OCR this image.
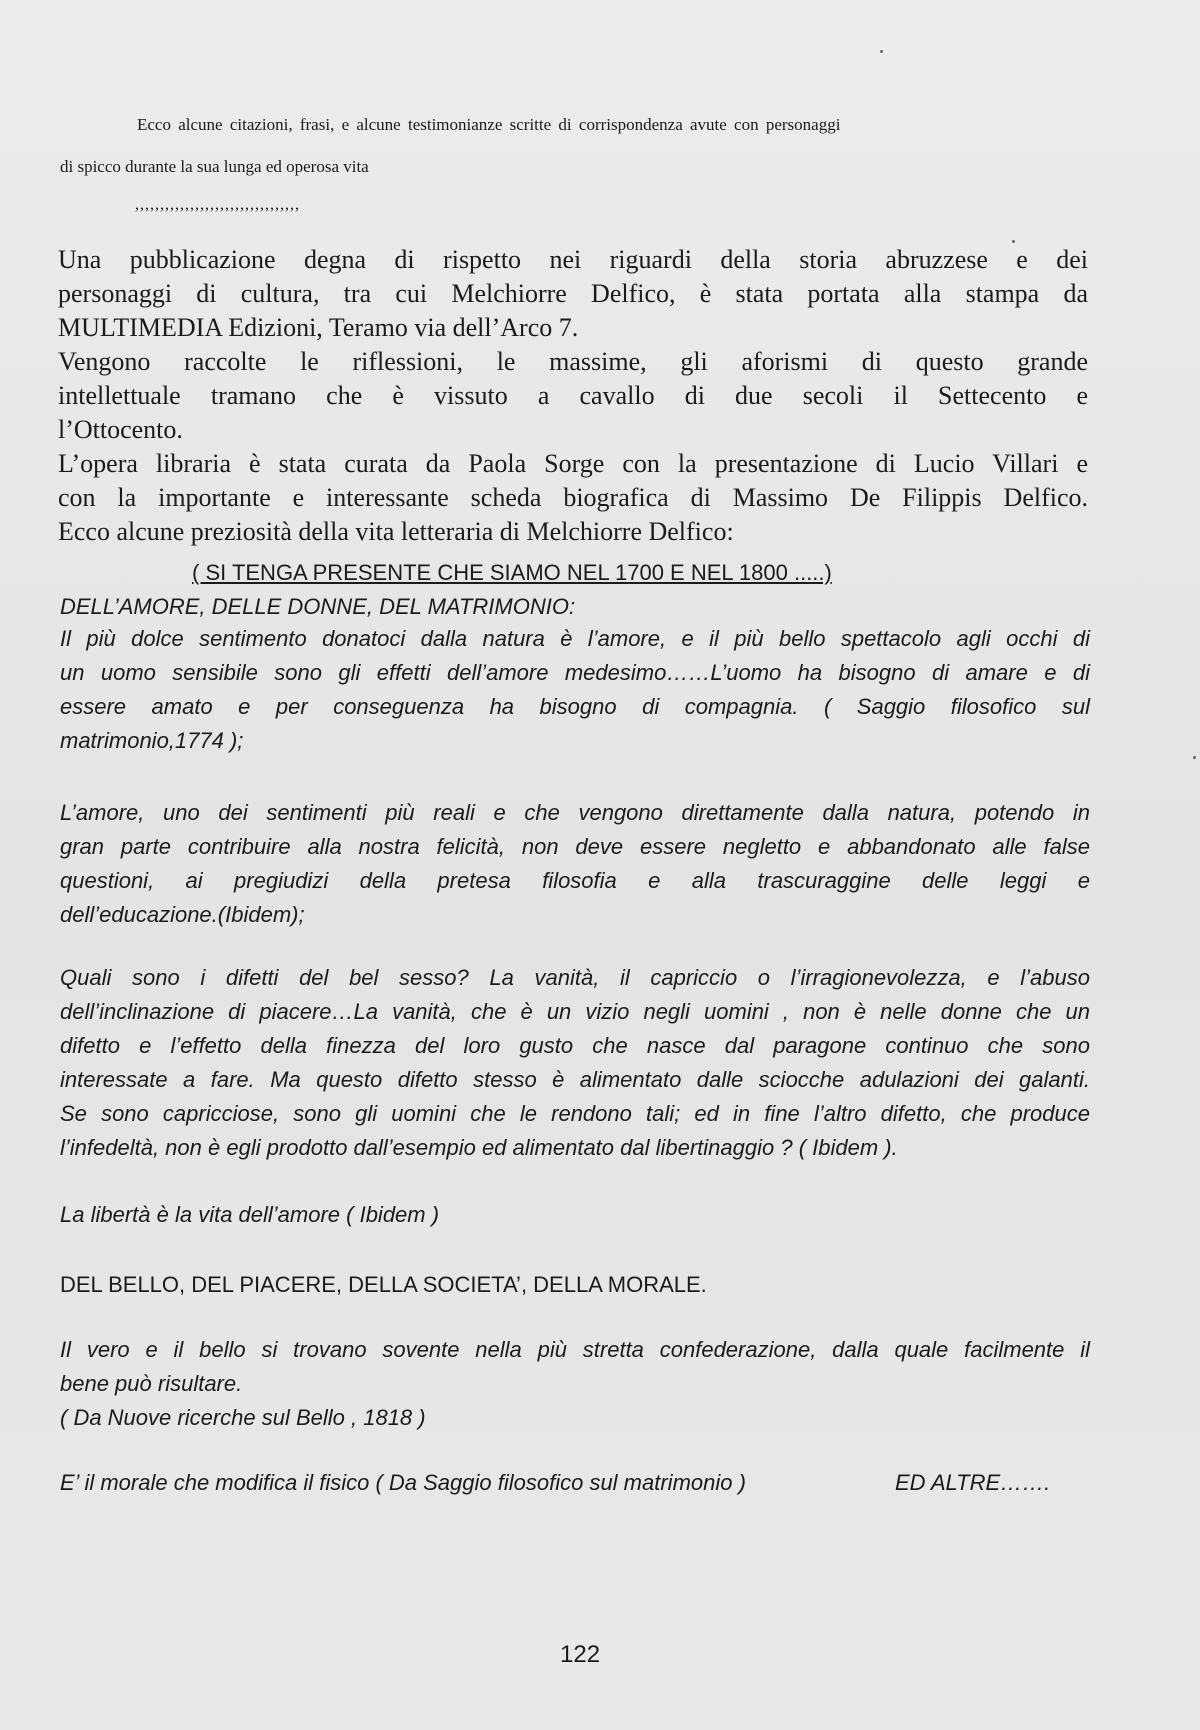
Ecco alcune citazioni, frasi, e alcune testimonianze scritte di corrispondenza avute con personaggi
di spicco durante la sua lunga ed operosa vita
,,,,,,,,,,,,,,,,,,,,,,,,,,,,,,,,,

Una pubblicazione degna di rispetto nei riguardi della storia abruzzese e dei

personaggi di cultura, tra cui Melchiorre Delfico, è stata portata alla stampa da

MULTIMEDIA Edizioni, Teramo via dell’Arco 7.

Vengono raccolte le riflessioni, le massime, gli aforismi di questo grande

intellettuale tramano che è vissuto a cavallo di due secoli il Settecento e

l’Ottocento.

L’opera libraria è stata curata da Paola Sorge con la presentazione di Lucio Villari e

con la importante e interessante scheda biografica di Massimo De Filippis Delfico.

Ecco alcune preziosità della vita letteraria di Melchiorre Delfico:

( SI TENGA PRESENTE CHE SIAMO NEL 1700 E NEL 1800 .....)
DELL’AMORE, DELLE DONNE, DEL MATRIMONIO:

Il più dolce sentimento donatoci dalla natura è l’amore, e il più bello spettacolo agli occhi di

un uomo sensibile sono gli effetti dell’amore medesimo……L’uomo ha bisogno di amare e di

essere amato e per conseguenza ha bisogno di compagnia. ( Saggio filosofico sul

matrimonio,1774 );

L’amore, uno dei sentimenti più reali e che vengono direttamente dalla natura, potendo in

gran parte contribuire alla nostra felicità, non deve essere negletto e abbandonato alle false

questioni, ai pregiudizi della pretesa filosofia e alla trascuraggine delle leggi e

dell’educazione.(Ibidem);

Quali sono i difetti del bel sesso? La vanità, il capriccio o l’irragionevolezza, e l’abuso

dell’inclinazione di piacere…La vanità, che è un vizio negli uomini , non è nelle donne che un

difetto e l’effetto della finezza del loro gusto che nasce dal paragone continuo che sono

interessate a fare. Ma questo difetto stesso è alimentato dalle sciocche adulazioni dei galanti.

Se sono capricciose, sono gli uomini che le rendono tali; ed in fine l’altro difetto, che produce

l’infedeltà, non è egli prodotto dall’esempio ed alimentato dal libertinaggio ? ( Ibidem ).

La libertà è la vita dell’amore ( Ibidem )

DEL BELLO, DEL PIACERE, DELLA SOCIETA’, DELLA MORALE.

Il vero e il bello si trovano sovente nella più stretta confederazione, dalla quale facilmente il

bene può risultare.

( Da Nuove ricerche sul Bello , 1818 )

E’ il morale che modifica il fisico ( Da Saggio filosofico sul matrimonio )	ED ALTRE…….
122
